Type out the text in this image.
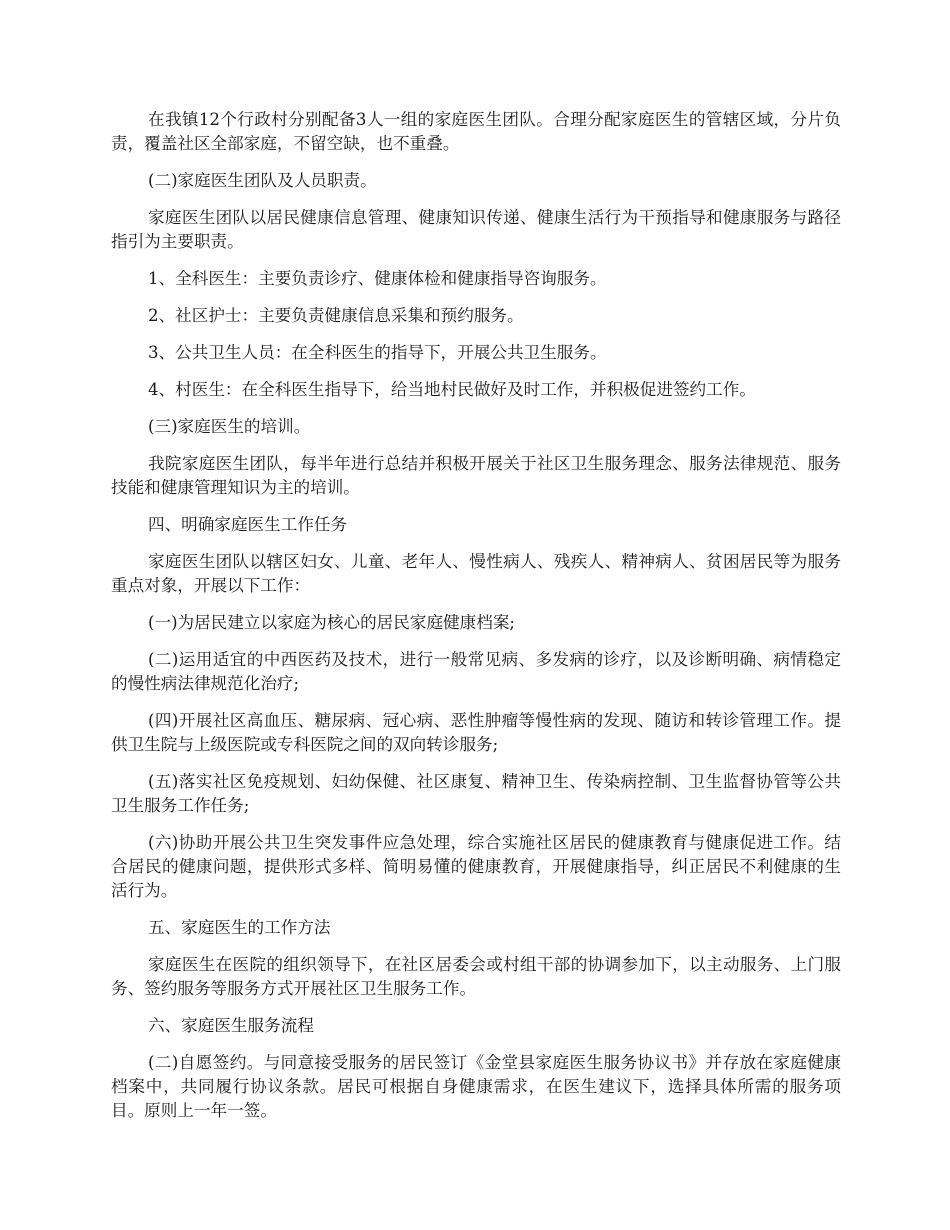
在我镇12个行政村分别配备3人一组的家庭医生团队。合理分配家庭医生的管辖区域，分片负责，覆盖社区全部家庭，不留空缺，也不重叠。

(二)家庭医生团队及人员职责。

家庭医生团队以居民健康信息管理、健康知识传递、健康生活行为干预指导和健康服务与路径指引为主要职责。

1、全科医生：主要负责诊疗、健康体检和健康指导咨询服务。

2、社区护士：主要负责健康信息采集和预约服务。

3、公共卫生人员：在全科医生的指导下，开展公共卫生服务。

4、村医生：在全科医生指导下，给当地村民做好及时工作，并积极促进签约工作。

(三)家庭医生的培训。

我院家庭医生团队，每半年进行总结并积极开展关于社区卫生服务理念、服务法律规范、服务技能和健康管理知识为主的培训。

四、明确家庭医生工作任务

家庭医生团队以辖区妇女、儿童、老年人、慢性病人、残疾人、精神病人、贫困居民等为服务重点对象，开展以下工作：

(一)为居民建立以家庭为核心的居民家庭健康档案;

(二)运用适宜的中西医药及技术，进行一般常见病、多发病的诊疗，以及诊断明确、病情稳定的慢性病法律规范化治疗;

(四)开展社区高血压、糖尿病、冠心病、恶性肿瘤等慢性病的发现、随访和转诊管理工作。提供卫生院与上级医院或专科医院之间的双向转诊服务;

(五)落实社区免疫规划、妇幼保健、社区康复、精神卫生、传染病控制、卫生监督协管等公共卫生服务工作任务;

(六)协助开展公共卫生突发事件应急处理，综合实施社区居民的健康教育与健康促进工作。结合居民的健康问题，提供形式多样、简明易懂的健康教育，开展健康指导，纠正居民不利健康的生活行为。

五、家庭医生的工作方法

家庭医生在医院的组织领导下，在社区居委会或村组干部的协调参加下，以主动服务、上门服务、签约服务等服务方式开展社区卫生服务工作。

六、家庭医生服务流程

(二)自愿签约。与同意接受服务的居民签订《金堂县家庭医生服务协议书》并存放在家庭健康档案中，共同履行协议条款。居民可根据自身健康需求，在医生建议下，选择具体所需的服务项目。原则上一年一签。
